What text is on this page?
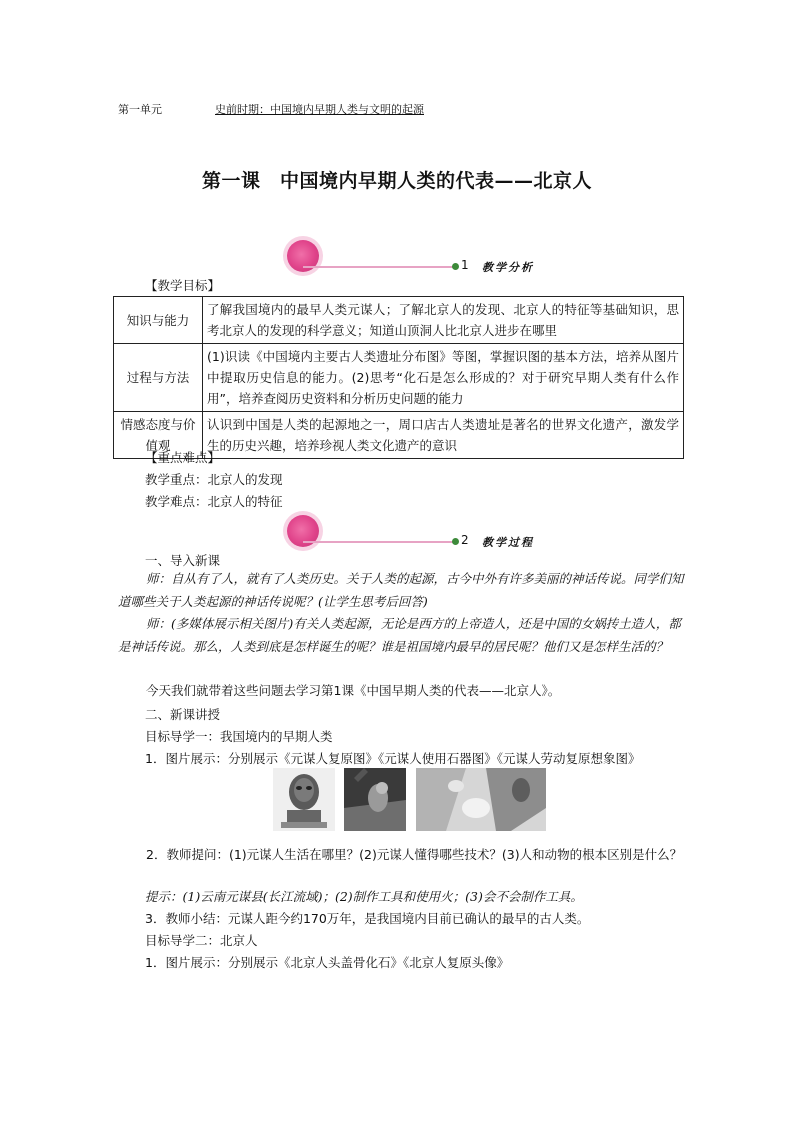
第一单元	史前时期：中国境内早期人类与文明的起源
第一课　中国境内早期人类的代表——北京人
1 教学分析
【教学目标】
知识与能力	了解我国境内的最早人类元谋人；了解北京人的发现、北京人的特征等基础知识，思考北京人的发现的科学意义；知道山顶洞人比北京人进步在哪里
过程与方法	(1)识读《中国境内主要古人类遗址分布图》等图，掌握识图的基本方法，培养从图片中提取历史信息的能力。(2)思考“化石是怎么形成的？对于研究早期人类有什么作用”，培养查阅历史资料和分析历史问题的能力
情感态度与价值观	认识到中国是人类的起源地之一，周口店古人类遗址是著名的世界文化遗产，激发学生的历史兴趣，培养珍视人类文化遗产的意识
【重点难点】
教学重点：北京人的发现
教学难点：北京人的特征
2 教学过程
一、导入新课
师：自从有了人，就有了人类历史。关于人类的起源，古今中外有许多美丽的神话传说。同学们知道哪些关于人类起源的神话传说呢？(让学生思考后回答)
师：(多媒体展示相关图片)有关人类起源，无论是西方的上帝造人，还是中国的女娲抟土造人，都是神话传说。那么，人类到底是怎样诞生的呢？谁是祖国境内最早的居民呢？他们又是怎样生活的？
今天我们就带着这些问题去学习第1课《中国早期人类的代表——北京人》。
二、新课讲授
目标导学一：我国境内的早期人类
1．图片展示：分别展示《元谋人复原图》《元谋人使用石器图》《元谋人劳动复原想象图》
2．教师提问：(1)元谋人生活在哪里？(2)元谋人懂得哪些技术？(3)人和动物的根本区别是什么？
提示：(1)云南元谋县(长江流域)；(2)制作工具和使用火；(3)会不会制作工具。
3．教师小结：元谋人距今约170万年，是我国境内目前已确认的最早的古人类。
目标导学二：北京人
1．图片展示：分别展示《北京人头盖骨化石》《北京人复原头像》
